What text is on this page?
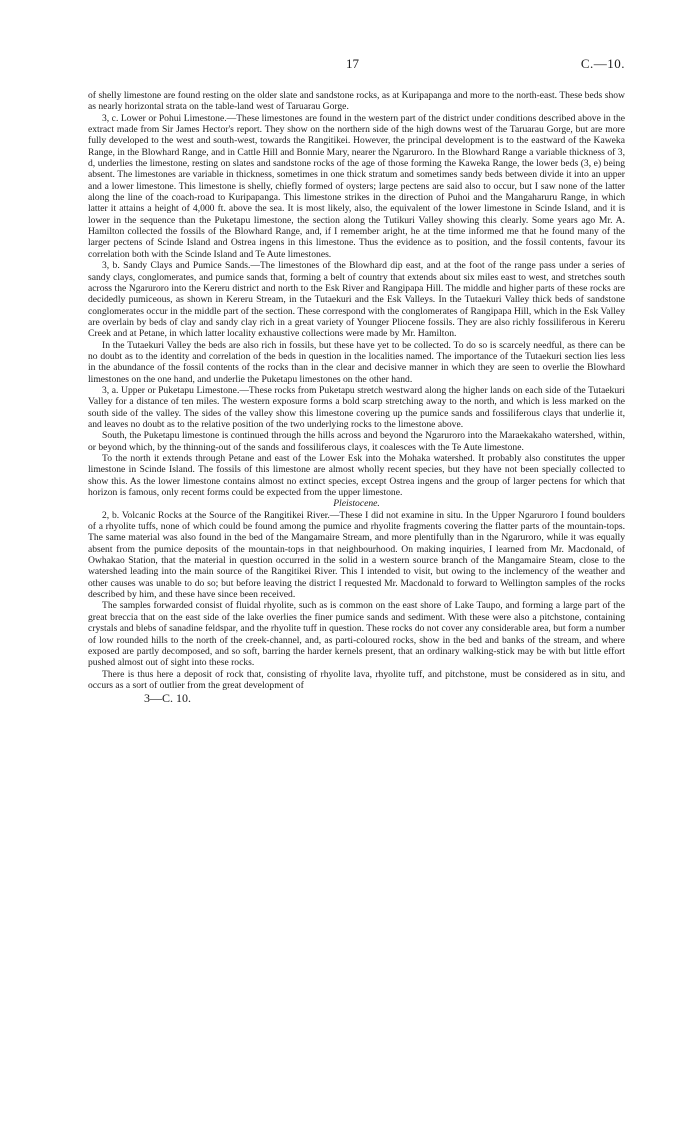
17	C.—10.

of shelly limestone are found resting on the older slate and sandstone rocks, as at Kuripapanga and more to the north-east. These beds show as nearly horizontal strata on the table-land west of Taruarau Gorge.

3, c. Lower or Pohui Limestone.—These limestones are found in the western part of the district under conditions described above in the extract made from Sir James Hector's report. They show on the northern side of the high downs west of the Taruarau Gorge, but are more fully developed to the west and south-west, towards the Rangitikei. However, the principal development is to the eastward of the Kaweka Range, in the Blowhard Range, and in Cattle Hill and Bonnie Mary, nearer the Ngaruroro. In the Blowhard Range a variable thickness of 3, d, underlies the limestone, resting on slates and sandstone rocks of the age of those forming the Kaweka Range, the lower beds (3, e) being absent. The limestones are variable in thickness, sometimes in one thick stratum and sometimes sandy beds between divide it into an upper and a lower limestone. This limestone is shelly, chiefly formed of oysters; large pectens are said also to occur, but I saw none of the latter along the line of the coach-road to Kuripapanga. This limestone strikes in the direction of Puhoi and the Mangaharuru Range, in which latter it attains a height of 4,000 ft. above the sea. It is most likely, also, the equivalent of the lower limestone in Scinde Island, and it is lower in the sequence than the Puketapu limestone, the section along the Tutikuri Valley showing this clearly. Some years ago Mr. A. Hamilton collected the fossils of the Blowhard Range, and, if I remember aright, he at the time informed me that he found many of the larger pectens of Scinde Island and Ostrea ingens in this limestone. Thus the evidence as to position, and the fossil contents, favour its correlation both with the Scinde Island and Te Aute limestones.

3, b. Sandy Clays and Pumice Sands.—The limestones of the Blowhard dip east, and at the foot of the range pass under a series of sandy clays, conglomerates, and pumice sands that, forming a belt of country that extends about six miles east to west, and stretches south across the Ngaruroro into the Kereru district and north to the Esk River and Rangipapa Hill. The middle and higher parts of these rocks are decidedly pumiceous, as shown in Kereru Stream, in the Tutaekuri and the Esk Valleys. In the Tutaekuri Valley thick beds of sandstone conglomerates occur in the middle part of the section. These correspond with the conglomerates of Rangipapa Hill, which in the Esk Valley are overlain by beds of clay and sandy clay rich in a great variety of Younger Pliocene fossils. They are also richly fossiliferous in Kereru Creek and at Petane, in which latter locality exhaustive collections were made by Mr. Hamilton.

In the Tutaekuri Valley the beds are also rich in fossils, but these have yet to be collected. To do so is scarcely needful, as there can be no doubt as to the identity and correlation of the beds in question in the localities named. The importance of the Tutaekuri section lies less in the abundance of the fossil contents of the rocks than in the clear and decisive manner in which they are seen to overlie the Blowhard limestones on the one hand, and underlie the Puketapu limestones on the other hand.

3, a. Upper or Puketapu Limestone.—These rocks from Puketapu stretch westward along the higher lands on each side of the Tutaekuri Valley for a distance of ten miles. The western exposure forms a bold scarp stretching away to the north, and which is less marked on the south side of the valley. The sides of the valley show this limestone covering up the pumice sands and fossiliferous clays that underlie it, and leaves no doubt as to the relative position of the two underlying rocks to the limestone above.

South, the Puketapu limestone is continued through the hills across and beyond the Ngaruroro into the Maraekakaho watershed, within, or beyond which, by the thinning-out of the sands and fossiliferous clays, it coalesces with the Te Aute limestone.

To the north it extends through Petane and east of the Lower Esk into the Mohaka watershed. It probably also constitutes the upper limestone in Scinde Island. The fossils of this limestone are almost wholly recent species, but they have not been specially collected to show this. As the lower limestone contains almost no extinct species, except Ostrea ingens and the group of larger pectens for which that horizon is famous, only recent forms could be expected from the upper limestone.

Pleistocene.

2, b. Volcanic Rocks at the Source of the Rangitikei River.—These I did not examine in situ. In the Upper Ngaruroro I found boulders of a rhyolite tuffs, none of which could be found among the pumice and rhyolite fragments covering the flatter parts of the mountain-tops. The same material was also found in the bed of the Mangamaire Stream, and more plentifully than in the Ngaruroro, while it was equally absent from the pumice deposits of the mountain-tops in that neighbourhood. On making inquiries, I learned from Mr. Macdonald, of Owhakao Station, that the material in question occurred in the solid in a western source branch of the Mangamaire Steam, close to the watershed leading into the main source of the Rangitikei River. This I intended to visit, but owing to the inclemency of the weather and other causes was unable to do so; but before leaving the district I requested Mr. Macdonald to forward to Wellington samples of the rocks described by him, and these have since been received.

The samples forwarded consist of fluidal rhyolite, such as is common on the east shore of Lake Taupo, and forming a large part of the great breccia that on the east side of the lake overlies the finer pumice sands and sediment. With these were also a pitchstone, containing crystals and blebs of sanadine feldspar, and the rhyolite tuff in question. These rocks do not cover any considerable area, but form a number of low rounded hills to the north of the creek-channel, and, as parti-coloured rocks, show in the bed and banks of the stream, and where exposed are partly decomposed, and so soft, barring the harder kernels present, that an ordinary walking-stick may be with but little effort pushed almost out of sight into these rocks.

There is thus here a deposit of rock that, consisting of rhyolite lava, rhyolite tuff, and pitchstone, must be considered as in situ, and occurs as a sort of outlier from the great development of

3—C. 10.
